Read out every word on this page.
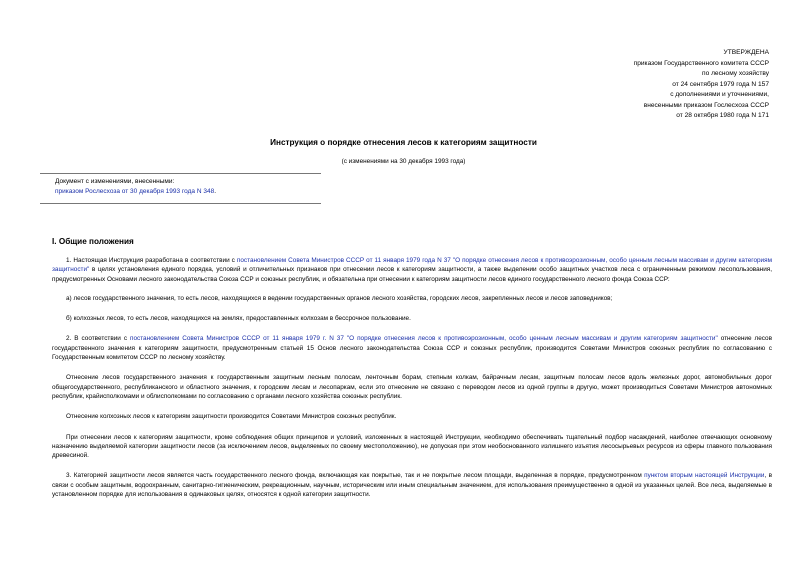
УТВЕРЖДЕНА
приказом Государственного комитета СССР
по лесному хозяйству
от 24 сентября 1979 года N 157
с дополнениями и уточнениями,
внесенными приказом Гослесхоза СССР
от 28 октября 1980 года N 171
Инструкция о порядке отнесения лесов к категориям защитности
(с изменениями на 30 декабря 1993 года)
Документ с изменениями, внесенными:
приказом Рослесхоза от 30 декабря 1993 года N 348.
I. Общие положения

1. Настоящая Инструкция разработана в соответствии с постановлением Совета Министров СССР от 11 января 1979 года N 37 "О порядке отнесения лесов к противоэрозионным, особо ценным лесным массивам и другим категориям защитности" в целях установления единого порядка, условий и отличительных признаков при отнесении лесов к категориям защитности, а также выделении особо защитных участков леса с ограниченным режимом лесопользования, предусмотренных Основами лесного законодательства Союза ССР и союзных республик, и обязательна при отнесении к категориям защитности лесов единого государственного лесного фонда Союза ССР:

а) лесов государственного значения, то есть лесов, находящихся в ведении государственных органов лесного хозяйства, городских лесов, закрепленных лесов и лесов заповедников;

б) колхозных лесов, то есть лесов, находящихся на землях, предоставленных колхозам в бессрочное пользование.

2. В соответствии с постановлением Совета Министров СССР от 11 января 1979 г. N 37 "О порядке отнесения лесов к противоэрозионным, особо ценным лесным массивам и другим категориям защитности" отнесение лесов государственного значения к категориям защитности, предусмотренным статьей 15 Основ лесного законодательства Союза ССР и союзных республик, производится Советами Министров союзных республик по согласованию с Государственным комитетом СССР по лесному хозяйству.

Отнесение лесов государственного значения к государственным защитным лесным полосам, ленточным борам, степным колкам, байрачным лесам, защитным полосам лесов вдоль железных дорог, автомобильных дорог общегосударственного, республиканского и областного значения, к городским лесам и лесопаркам, если это отнесение не связано с переводом лесов из одной группы в другую, может производиться Советами Министров автономных республик, крайисполкомами и облисполкомами по согласованию с органами лесного хозяйства союзных республик.

Отнесение колхозных лесов к категориям защитности производится Советами Министров союзных республик.

При отнесении лесов к категориям защитности, кроме соблюдения общих принципов и условий, изложенных в настоящей Инструкции, необходимо обеспечивать тщательный подбор насаждений, наиболее отвечающих основному назначению выделяемой категории защитности лесов (за исключением лесов, выделяемых по своему местоположению), не допуская при этом необоснованного излишнего изъятия лесосырьевых ресурсов из сферы главного пользования древесиной.

3. Категорией защитности лесов является часть государственного лесного фонда, включающая как покрытые, так и не покрытые лесом площади, выделенная в порядке, предусмотренном пунктом вторым настоящей Инструкции, в связи с особым защитным, водоохранным, санитарно-гигиеническим, рекреационным, научным, историческим или иным специальным значением, для использования преимущественно в одной из указанных целей. Все леса, выделяемые в установленном порядке для использования в одинаковых целях, относятся к одной категории защитности.
